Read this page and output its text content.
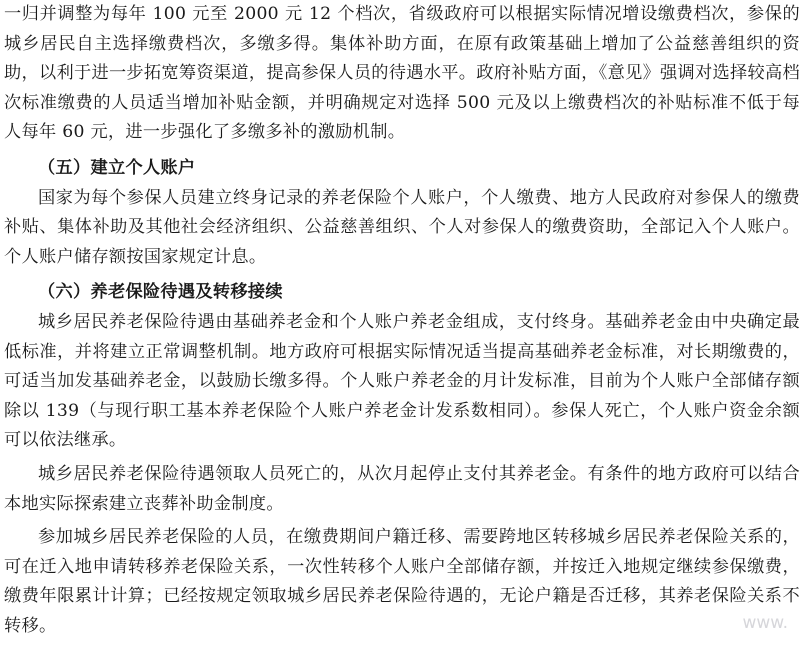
一归并调整为每年 100 元至 2000 元 12 个档次，省级政府可以根据实际情况增设缴费档次，参保的城乡居民自主选择缴费档次，多缴多得。集体补助方面，在原有政策基础上增加了公益慈善组织的资助，以利于进一步拓宽筹资渠道，提高参保人员的待遇水平。政府补贴方面，《意见》强调对选择较高档次标准缴费的人员适当增加补贴金额，并明确规定对选择 500 元及以上缴费档次的补贴标准不低于每人每年 60 元，进一步强化了多缴多补的激励机制。

（五）建立个人账户

国家为每个参保人员建立终身记录的养老保险个人账户，个人缴费、地方人民政府对参保人的缴费补贴、集体补助及其他社会经济组织、公益慈善组织、个人对参保人的缴费资助，全部记入个人账户。个人账户储存额按国家规定计息。

（六）养老保险待遇及转移接续

城乡居民养老保险待遇由基础养老金和个人账户养老金组成，支付终身。基础养老金由中央确定最低标准，并将建立正常调整机制。地方政府可根据实际情况适当提高基础养老金标准，对长期缴费的，可适当加发基础养老金，以鼓励长缴多得。个人账户养老金的月计发标准，目前为个人账户全部储存额除以 139（与现行职工基本养老保险个人账户养老金计发系数相同）。参保人死亡，个人账户资金余额可以依法继承。

城乡居民养老保险待遇领取人员死亡的，从次月起停止支付其养老金。有条件的地方政府可以结合本地实际探索建立丧葬补助金制度。

参加城乡居民养老保险的人员，在缴费期间户籍迁移、需要跨地区转移城乡居民养老保险关系的，可在迁入地申请转移养老保险关系，一次性转移个人账户全部储存额，并按迁入地规定继续参保缴费，缴费年限累计计算；已经按规定领取城乡居民养老保险待遇的，无论户籍是否迁移，其养老保险关系不转移。	www.
